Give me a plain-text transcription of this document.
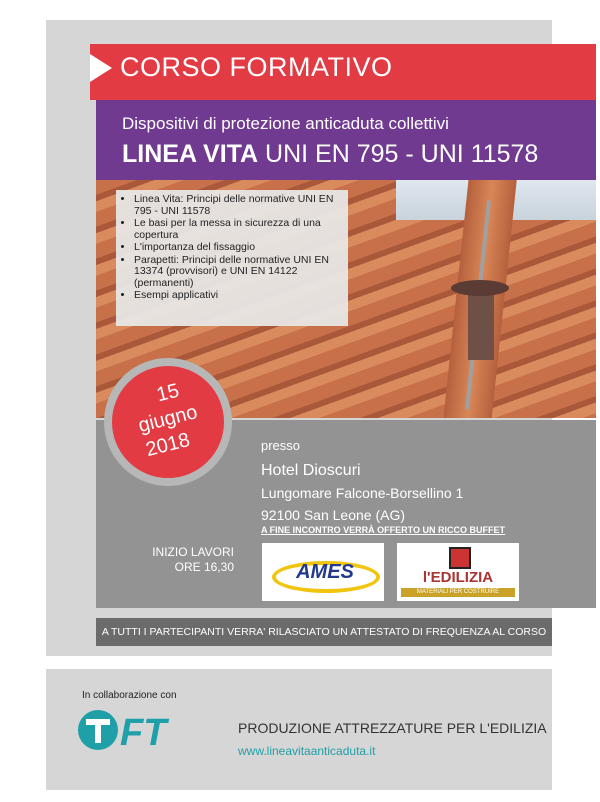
CORSO FORMATIVO
Dispositivi di protezione anticaduta collettivi
LINEA VITA UNI EN 795 - UNI 11578
• Linea Vita: Principi delle normative UNI EN 795 - UNI 11578
• Le basi per la messa in sicurezza di una copertura
• L'importanza del fissaggio
• Parapetti: Principi delle normative UNI EN 13374 (provvisori) e UNI EN 14122 (permanenti)
• Esempi applicativi
15
giugno
2018	presso
Hotel Dioscuri
Lungomare Falcone-Borsellino 1
92100 San Leone (AG)
A FINE INCONTRO VERRÀ OFFERTO UN RICCO BUFFET
INIZIO LAVORI
ORE 16,30	AMES	l'EDILIZIA
MATERIALI PER COSTRUIRE
A TUTTI I PARTECIPANTI VERRA' RILASCIATO UN ATTESTATO DI FREQUENZA AL CORSO
In collaborazione con
FT	PRODUZIONE ATTREZZATURE PER L'EDILIZIA
www.lineavitaanticaduta.it
